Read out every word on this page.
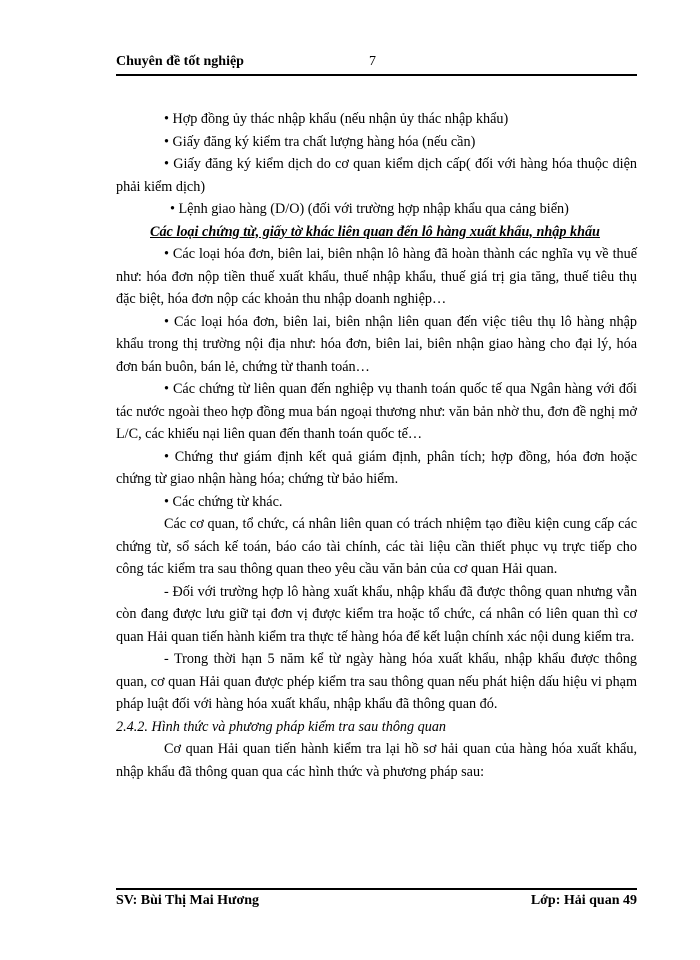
Chuyên đề tốt nghiệp	7

• Hợp đồng ủy thác nhập khẩu (nếu nhận ủy thác nhập khẩu)

• Giấy đăng ký kiểm tra chất lượng hàng hóa (nếu cần)

• Giấy đăng ký kiểm dịch do cơ quan kiểm dịch cấp( đối với hàng hóa thuộc diện phải kiểm dịch)

• Lệnh giao hàng (D/O) (đối với trường hợp nhập khẩu qua cảng biển)

Các loại chứng từ, giấy tờ khác liên quan đến lô hàng xuất khẩu, nhập khẩu

• Các loại hóa đơn, biên lai, biên nhận lô hàng đã hoàn thành các nghĩa vụ về thuế như: hóa đơn nộp tiền thuế xuất khẩu, thuế nhập khẩu, thuế giá trị gia tăng, thuế tiêu thụ đặc biệt, hóa đơn nộp các khoản thu nhập doanh nghiệp…

• Các loại hóa đơn, biên lai, biên nhận liên quan đến việc tiêu thụ lô hàng nhập khẩu trong thị trường nội địa như: hóa đơn, biên lai, biên nhận giao hàng cho đại lý, hóa đơn bán buôn, bán lẻ, chứng từ thanh toán…

• Các chứng từ liên quan đến nghiệp vụ thanh toán quốc tế qua Ngân hàng với đối tác nước ngoài theo hợp đồng mua bán ngoại thương như: văn bản nhờ thu, đơn đề nghị mở L/C, các khiếu nại liên quan đến thanh toán quốc tế…

• Chứng thư giám định kết quả giám định, phân tích; hợp đồng, hóa đơn hoặc chứng từ giao nhận hàng hóa; chứng từ bảo hiểm.

• Các chứng từ khác.

Các cơ quan, tổ chức, cá nhân liên quan có trách nhiệm tạo điều kiện cung cấp các chứng từ, sổ sách kế toán, báo cáo tài chính, các tài liệu cần thiết phục vụ trực tiếp cho công tác kiểm tra sau thông quan theo yêu cầu văn bản của cơ quan Hải quan.

- Đối với trường hợp lô hàng xuất khẩu, nhập khẩu đã được thông quan nhưng vẫn còn đang được lưu giữ tại đơn vị được kiểm tra hoặc tổ chức, cá nhân có liên quan thì cơ quan Hải quan tiến hành kiểm tra thực tế hàng hóa để kết luận chính xác nội dung kiểm tra.

- Trong thời hạn 5 năm kể từ ngày hàng hóa xuất khẩu, nhập khẩu được thông quan, cơ quan Hải quan được phép kiểm tra sau thông quan nếu phát hiện dấu hiệu vi phạm pháp luật đối với hàng hóa xuất khẩu, nhập khẩu đã thông quan đó.

2.4.2. Hình thức và phương pháp kiểm tra sau thông quan

Cơ quan Hải quan tiến hành kiểm tra lại hồ sơ hải quan của hàng hóa xuất khẩu, nhập khẩu đã thông quan qua các hình thức và phương pháp sau:

SV: Bùi Thị Mai Hương	Lớp: Hải quan 49
